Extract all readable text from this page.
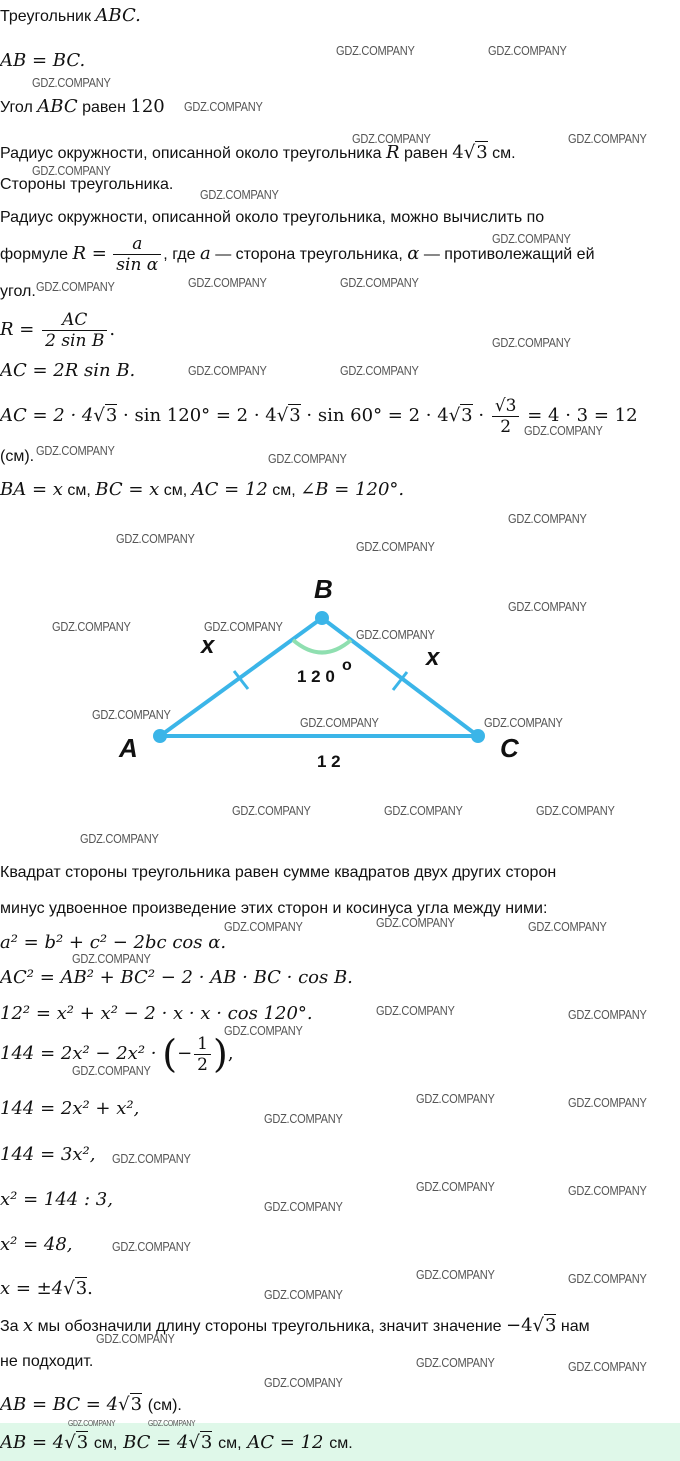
Треугольник ABC.
AB = BC.
Угол ABC равен 120
Радиус окружности, описанной около треугольника R равен 4√3 см.
Стороны треугольника.
Радиус окружности, описанной около треугольника, можно вычислить по
формуле $R = \frac{a}{\text{sin α}}$ , где a — сторона треугольника, α — противолежащий ей
угол.
$R = \frac{AC}{\text{2 sin B}}$ .
AC = 2R sin B.
AC = $2 \cdot 4√3 \cdot \sin 120^\circ = 2 \cdot 4√3 \cdot \sin 60^\circ = 2 \cdot 4√3 \cdot \frac{√3}{2} = 4 \cdot 3 = 12$
(см).
BA = x см, BC = x см, AC = 12 см, ∠B = 120°.
A
B
C
x	x
1 2
1 2 0
о
Квадрат стороны треугольника равен сумме квадратов двух других сторон
минус удвоенное произведение этих сторон и косинуса угла между ними:
a² = b² + c² − 2bc cos α.
AC² = AB² + BC² − 2 · AB · BC · cos B.
12² = x² + x² − 2 · x · x · cos 120°.
144 = 2x² − 2x² · (− $\frac{1}{2}$ ),
144 = 2x² + x²,
144 = 3x²,
x² = 144 : 3,
x² = 48,
x = ±4√3.
За x мы обозначили длину стороны треугольника, значит значение −4√3 нам
не подходит.
AB = BC = 4√3 (см).
AB = 4√3 см, BC = 4√3 см, AC = 12 см.
GDZ.COMPANY	GDZ.COMPANY
GDZ.COMPANY
GDZ.COMPANY
GDZ.COMPANY	GDZ.COMPANY
GDZ.COMPANY
GDZ.COMPANY
GDZ.COMPANY
GDZ.COMPANY	GDZ.COMPANY	GDZ.COMPANY
GDZ.COMPANY
GDZ.COMPANY	GDZ.COMPANY
GDZ.COMPANY
GDZ.COMPANY
GDZ.COMPANY
GDZ.COMPANY
GDZ.COMPANY
GDZ.COMPANY
GDZ.COMPANY
GDZ.COMPANY	GDZ.COMPANY
GDZ.COMPANY
GDZ.COMPANY
GDZ.COMPANY	GDZ.COMPANY
GDZ.COMPANY	GDZ.COMPANY	GDZ.COMPANY
GDZ.COMPANY
GDZ.COMPANY	GDZ.COMPANY	GDZ.COMPANY
GDZ.COMPANY
GDZ.COMPANY	GDZ.COMPANY
GDZ.COMPANY
GDZ.COMPANY
GDZ.COMPANY	GDZ.COMPANY
GDZ.COMPANY
GDZ.COMPANY
GDZ.COMPANY	GDZ.COMPANY
GDZ.COMPANY
GDZ.COMPANY
GDZ.COMPANY	GDZ.COMPANY
GDZ.COMPANY
GDZ.COMPANY
GDZ.COMPANY	GDZ.COMPANY
GDZ.COMPANY
GDZ.COMPANY	GDZ.COMPANY
